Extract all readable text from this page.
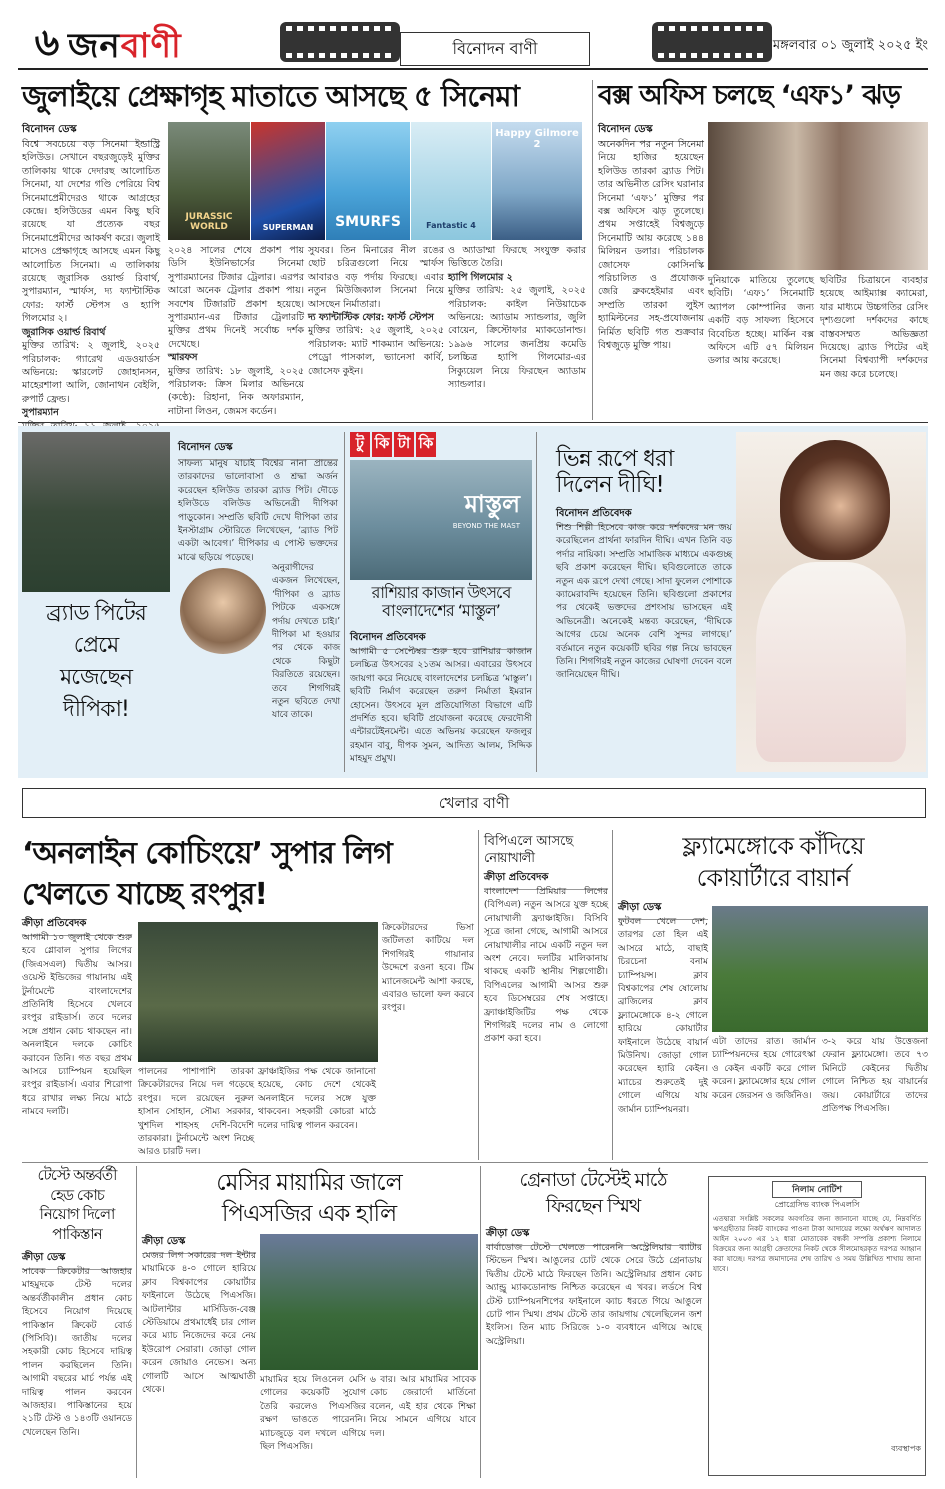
৬ জনবাণী	বিনোদন বাণী	মঙ্গলবার ০১ জুলাই ২০২৫ ইং
জুলাইয়ে প্রেক্ষাগৃহ মাতাতে আসছে ৫ সিনেমা
বিনোদন ডেস্ক
বিশ্বে সবচেয়ে বড় সিনেমা ইন্ডাস্ট্রি হলিউড। সেখানে বছরজুড়েই মুক্তির তালিকায় থাকে দেদারছ আলোচিত সিনেমা, যা দেশের গণ্ডি পেরিয়ে বিশ্ব সিনেমাপ্রেমীদেরও থাকে আগ্রহের কেন্দ্রে। হলিউডের এমন কিছু ছবি রয়েছে যা প্রত্যেক বছর সিনেমাপ্রেমীদের আকর্ষণ করে। জুলাই মাসেও প্রেক্ষাগৃহে আসছে এমন কিছু আলোচিত সিনেমা। এ তালিকায় রয়েছে জুরাসিক ওয়ার্ল্ড রিবার্থ, সুপারম্যান, স্মার্ফস, দ্য ফ্যান্টাস্টিক ফোর: ফার্স্ট স্টেপস ও হ্যাপি গিলমোর ২।
জুরাসিক ওয়ার্ল্ড রিবার্থ
মুক্তির তারিখ: ২ জুলাই, ২০২৫ পরিচালক: গ্যারেথ এডওয়ার্ডস অভিনয়ে: স্কারলেট জোহানসন, মাহেরশালা আলি, জোনাথন বেইলি, রুপার্ট ফ্রেন্ড।
সুপারম্যান

JURASSIC WORLD	SUPERMAN	SMURFS	Fantastic 4
Happy Gilmore 2
২০২৪ সালের শেষে প্রকাশ পায় ডিসি ইউনিভার্সের সিনেমা সুপারম্যানের টিজার ট্রেলার। এরপর আরো অনেক ট্রেলার প্রকাশ পায়। সবশেষ টিজারটি প্রকাশ হয়েছে। সুপারম্যান-এর টিজার ট্রেলারটি মুক্তির প্রথম দিনেই সর্বোচ্চ দর্শক দেখেছে।
স্মারফস
মুক্তির তারিখ: ১৮ জুলাই, ২০২৫ পরিচালক: ক্রিস মিলার অভিনয়ে (কণ্ঠে): রিহানা, নিক অফারম্যান, নাটানা লিওন, জেমস কর্ডেন।
সুযবর। তিন মিনারের নীল রঙের ছোট চরিত্রগুলো নিয়ে স্মার্ফস আবারও বড় পর্দায় ফিরছে। এবার নতুন মিউজিক্যাল সিনেমা নিয়ে আসছেন নির্মাতারা।
দ্য ফ্যান্টাস্টিক ফোর: ফার্স্ট স্টেপস
মুক্তির তারিখ: ২৫ জুলাই, ২০২৫ পরিচালক: ম্যাট শাকম্যান অভিনয়ে: পেড্রো পাসকাল, ভ্যানেসা কার্বি, জোসেফ কুইন।
ও অ্যাডাম্মা ফিরছে সংযুক্ত করার ভিত্তিতে তৈরি।
হ্যাপি গিলমোর ২
মুক্তির তারিখ: ২৫ জুলাই, ২০২৫ পরিচালক: কাইল নিউয়াচেক অভিনয়ে: অ্যাডাম স্যান্ডলার, জুলি বোয়েন, ক্রিস্টোফার ম্যাকডোনাল্ড। ১৯৯৬ সালের জনপ্রিয় কমেডি চলচ্চিত্র হ্যাপি গিলমোর-এর সিক্যুয়েল নিয়ে ফিরছেন অ্যাডাম স্যান্ডলার।
বক্স অফিস চলছে ‘এফ১’ ঝড়
বিনোদন ডেস্ক
অনেকদিন পর নতুন সিনেমা নিয়ে হাজির হয়েছেন হলিউড তারকা ব্র্যাড পিট। তার অভিনীত রেসিং ঘরানার সিনেমা ‘এফ১’ মুক্তির পর বক্স অফিসে ঝড় তুলেছে। প্রথম সপ্তাহেই বিশ্বজুড়ে সিনেমাটি আয় করেছে ১৪৪ মিলিয়ন ডলার। পরিচালক জোসেফ কোসিনস্কি পরিচালিত ও প্রযোজক জেরি ব্রুকহেইমার এবং সম্প্রতি তারকা লুইস হ্যামিল্টনের সহ-প্রযোজনায় নির্মিত ছবিটি গত শুক্রবার বিশ্বজুড়ে মুক্তি পায়।
দুনিয়াকে মাতিয়ে তুলেছে ছবিটি। ‘এফ১’ সিনেমাটি অ্যাপল কোম্পানির জন্য একটি বড় সাফল্য হিসেবে বিবেচিত হচ্ছে। মার্কিন বক্স অফিসে এটি ৫৭ মিলিয়ন ডলার আয় করেছে।
ছবিটির চিত্রায়নে ব্যবহার হয়েছে আইম্যাক্স ক্যামেরা, যার মাধ্যমে উচ্চগতির রেসিং দৃশ্যগুলো দর্শকদের কাছে বাস্তবসম্মত অভিজ্ঞতা দিয়েছে। ব্র্যাড পিটের এই সিনেমা বিশ্বব্যাপী দর্শকদের মন জয় করে চলেছে।
ব্র্যাড পিটের
প্রেমে
মজেছেন
দীপিকা!
বিনোদন ডেস্ক
সাফল্য মানুষ যাচাই বিশ্বের নানা প্রান্তের তারকাদের ভালোবাসা ও শ্রদ্ধা অর্জন করেছেন হলিউড তারকা ব্র্যাড পিট। দৌড়ে হলিউডে বলিউড অভিনেত্রী দীপিকা পাড়ুকোন। সম্প্রতি ছবিটি দেখে দীপিকা তার ইনস্টাগ্রাম স্টোরিতে লিখেছেন, ‘ব্র্যাড পিট একটা আবেগ।’ দীপিকার এ পোস্ট ভক্তদের মাঝে ছড়িয়ে পড়েছে।
অনুরাগীদের একজন লিখেছেন, ‘দীপিকা ও ব্র্যাড পিটকে একসঙ্গে পর্দায় দেখতে চাই।’ দীপিকা মা হওয়ার পর থেকে কাজ থেকে কিছুটা বিরতিতে রয়েছেন। তবে শিগগিরই নতুন ছবিতে দেখা যাবে তাকে।
টু কি টা কি
মাস্তুল
BEYOND THE MAST
রাশিয়ার কাজান উৎসবে বাংলাদেশের ‘মাস্তুল’
বিনোদন প্রতিবেদক
আগামী ৫ সেপ্টেম্বর শুরু হবে রাশিয়ার কাজান চলচ্চিত্র উৎসবের ২১তম আসর। এবারের উৎসবে জায়গা করে নিয়েছে বাংলাদেশের চলচ্চিত্র ‘মাস্তুল’। ছবিটি নির্মাণ করেছেন তরুণ নির্মাতা ইমরান হোসেন। উৎসবে মূল প্রতিযোগিতা বিভাগে এটি প্রদর্শিত হবে। ছবিটি প্রযোজনা করেছে ফেরদৌসী এন্টারটেইনমেন্ট। এতে অভিনয় করেছেন ফজলুর রহমান বাবু, দীপক সুমন, আদিত্য আলম, সিদ্দিক মাহমুদ প্রমুখ।
ভিন্ন রূপে ধরা
দিলেন দীঘি!
বিনোদন প্রতিবেদক
শিশু শিল্পী হিসেবে কাজ করে দর্শকদের মন জয় করেছিলেন প্রার্থনা ফারদিন দীঘি। এখন তিনি বড় পর্দার নায়িকা। সম্প্রতি সামাজিক মাধ্যমে একগুচ্ছ ছবি প্রকাশ করেছেন দীঘি। ছবিগুলোতে তাকে নতুন এক রূপে দেখা গেছে। সাদা ফুলেল পোশাকে ক্যামেরাবন্দি হয়েছেন তিনি। ছবিগুলো প্রকাশের পর থেকেই ভক্তদের প্রশংসায় ভাসছেন এই অভিনেত্রী। অনেকেই মন্তব্য করেছেন, ‘দীঘিকে আগের চেয়ে অনেক বেশি সুন্দর লাগছে।’ বর্তমানে নতুন কয়েকটি ছবির গল্প নিয়ে ভাবছেন তিনি। শিগগিরই নতুন কাজের ঘোষণা দেবেন বলে জানিয়েছেন দীঘি।
খেলার বাণী
‘অনলাইন কোচিংয়ে’ সুপার লিগ খেলতে যাচ্ছে রংপুর!
ক্রীড়া প্রতিবেদক
আগামী ১০ জুলাই থেকে শুরু হবে গ্লোবাল সুপার লিগের (জিএসএল) দ্বিতীয় আসর। ওয়েস্ট ইন্ডিজের গায়ানায় এই টুর্নামেন্টে বাংলাদেশের প্রতিনিধি হিসেবে খেলবে রংপুর রাইডার্স। তবে দলের সঙ্গে প্রধান কোচ থাকছেন না। অনলাইনে দলকে কোচিং করাবেন তিনি। গত বছর প্রথম আসরে চ্যাম্পিয়ন হয়েছিল রংপুর রাইডার্স। এবার শিরোপা ধরে রাখার লক্ষ্য নিয়ে মাঠে নামবে দলটি।
পালনের পাশাপাশি তারকা ক্রিকেটারদের নিয়ে দল গড়েছে রংপুর। দলে রয়েছেন নুরুল হাসান সোহান, সৌম্য সরকার, খুশদিল শাহসহ দেশি-বিদেশি তারকারা। টুর্নামেন্টে অংশ নিচ্ছে আরও চারটি দল।
ফ্রাঞ্চাইজির পক্ষ থেকে জানানো হয়েছে, কোচ দেশে থেকেই অনলাইনে দলের সঙ্গে যুক্ত থাকবেন। সহকারী কোচরা মাঠে দলের দায়িত্ব পালন করবেন।
ক্রিকেটারদের ভিসা জটিলতা কাটিয়ে দল শিগগিরই গায়ানার উদ্দেশে রওনা হবে। টিম ম্যানেজমেন্ট আশা করছে, এবারও ভালো ফল করবে রংপুর।
বিপিএলে আসছে
নোয়াখালী
ক্রীড়া প্রতিবেদক
বাংলাদেশ প্রিমিয়ার লিগের (বিপিএল) নতুন আসরে যুক্ত হচ্ছে নোয়াখালী ফ্র্যাঞ্চাইজি। বিসিবি সূত্রে জানা গেছে, আগামী আসরে নোয়াখালীর নামে একটি নতুন দল অংশ নেবে। দলটির মালিকানায় থাকছে একটি স্থানীয় শিল্পগোষ্ঠী। বিপিএলের আগামী আসর শুরু হবে ডিসেম্বরের শেষ সপ্তাহে। ফ্র্যাঞ্চাইজিটির পক্ষ থেকে শিগগিরই দলের নাম ও লোগো প্রকাশ করা হবে।
ফ্ল্যামেঙ্গোকে কাঁদিয়ে
কোয়ার্টারে বায়ার্ন
ক্রীড়া ডেস্ক
ফুটবল খেলে দেশ, তারপর তো হিল এই আসরে মাঠে, বাছাই চিরচেনা বনাম চ্যাম্পিয়ন্স। ক্লাব বিশ্বকাপের শেষ ষোলোয় ব্রাজিলের ক্লাব ফ্ল্যামেঙ্গোকে ৪-২ গোলে হারিয়ে কোয়ার্টার ফাইনালে উঠেছে বায়ার্ন মিউনিখ। জোড়া গোল করেছেন হ্যারি কেইন। ম্যাচের শুরুতেই দুই গোলে এগিয়ে যায় জার্মান চ্যাম্পিয়নরা।
এটা তাদের রাত। জার্মান চ্যাম্পিয়নদের হয়ে গোরেৎস্কা ও কেইন একটি করে গোল করেন। ফ্ল্যামেঙ্গোর হয়ে গোল করেন জেরসন ও জর্জিনিও।
৩-২ করে যায় উত্তেজনা ফেরান ফ্ল্যামেঙ্গো। তবে ৭৩ মিনিটে কেইনের দ্বিতীয় গোলে নিশ্চিত হয় বায়ার্নের জয়। কোয়ার্টারে তাদের প্রতিপক্ষ পিএসজি।
টেস্টে অন্তর্বর্তী
হেড কোচ
নিয়োগ দিলো
পাকিস্তান
ক্রীড়া ডেস্ক
সাবেক ক্রিকেটার আজহার মাহমুদকে টেস্ট দলের অন্তর্বর্তীকালীন প্রধান কোচ হিসেবে নিয়োগ দিয়েছে পাকিস্তান ক্রিকেট বোর্ড (পিসিবি)। জাতীয় দলের সহকারী কোচ হিসেবে দায়িত্ব পালন করছিলেন তিনি। আগামী বছরের মার্চ পর্যন্ত এই দায়িত্ব পালন করবেন আজহার। পাকিস্তানের হয়ে ২১টি টেস্ট ও ১৪৩টি ওয়ানডে খেলেছেন তিনি।
মেসির মায়ামির জালে
পিএসজির এক হালি
ক্রীড়া ডেস্ক
মেজর লিগ সকারের দল ইন্টার মায়ামিকে ৪-০ গোলে হারিয়ে ক্লাব বিশ্বকাপের কোয়ার্টার ফাইনালে উঠেছে পিএসজি। আটলান্টার মার্সিডিজ-বেঞ্জ স্টেডিয়ামে প্রথমার্ধেই চার গোল করে ম্যাচ নিজেদের করে নেয় ইউরোপ সেরারা। জোড়া গোল করেন জোয়াও নেভেস। অন্য গোলটি আসে আত্মঘাতী থেকে।
মায়ামির হয়ে লিওনেল মেসি গোলের কয়েকটি সুযোগ তৈরি করলেও পিএসজির রক্ষণ ভাঙতে পারেননি। ম্যাচজুড়ে বল দখলে এগিয়ে ছিল পিএসজি।
৬ বার। আর মায়ামির সাবেক কোচ জেরার্দো মার্তিনো বলেন, এই হার থেকে শিক্ষা নিয়ে সামনে এগিয়ে যাবে দল।
গ্রেনাডা টেস্টেই মাঠে
ফিরছেন স্মিথ
ক্রীড়া ডেস্ক
বার্বাডোজ টেস্টে খেলতে পারেননি অস্ট্রেলিয়ার ব্যাটার স্টিভেন স্মিথ। আঙুলের চোট থেকে সেরে উঠে গ্রেনাডায় দ্বিতীয় টেস্টে মাঠে ফিরছেন তিনি। অস্ট্রেলিয়ার প্রধান কোচ অ্যান্ড্রু ম্যাকডোনাল্ড নিশ্চিত করেছেন এ খবর। লর্ডসে বিশ্ব টেস্ট চ্যাম্পিয়নশিপের ফাইনালে ক্যাচ ধরতে গিয়ে আঙুলে চোট পান স্মিথ। প্রথম টেস্টে তার জায়গায় খেলেছিলেন জশ ইংলিস। তিন ম্যাচ সিরিজে ১-০ ব্যবধানে এগিয়ে আছে অস্ট্রেলিয়া।
নিলাম নোটিশ
প্রোগ্রেসিভ ব্যাংক পিএলসি
এতদ্বারা সংশ্লিষ্ট সকলের অবগতির জন্য জানানো যাচ্ছে যে, নিম্নবর্ণিত ঋণগ্রহীতার নিকট ব্যাংকের পাওনা টাকা আদায়ের লক্ষ্যে অর্থঋণ আদালত আইন ২০০৩ এর ১২ ধারা মোতাবেক বন্ধকী সম্পত্তি প্রকাশ্য নিলামে বিক্রয়ের জন্য আগ্রহী ক্রেতাদের নিকট থেকে সীলমোহরকৃত দরপত্র আহ্বান করা যাচ্ছে। দরপত্র জমাদানের শেষ তারিখ ও সময় উল্লিখিত শাখায় জানা যাবে।
ব্যবস্থাপক
